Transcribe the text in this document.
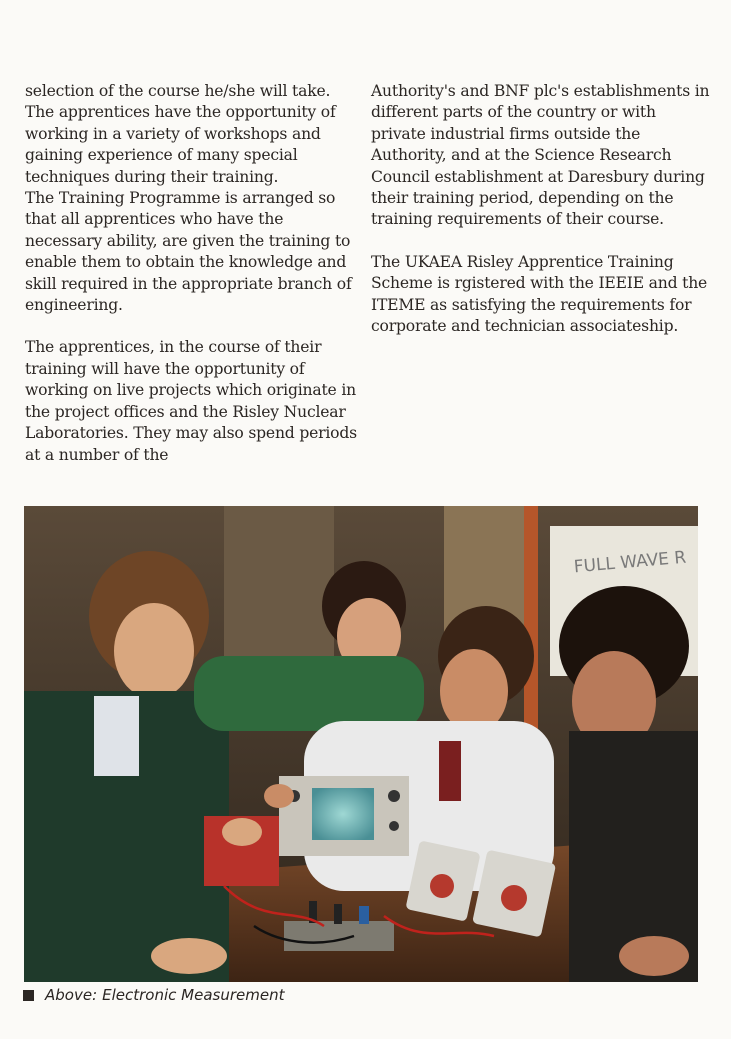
selection of the course he/she will take. The apprentices have the opportunity of working in a variety of workshops and gaining experience of many special techniques during their training.

The Training Programme is arranged so that all apprentices who have the necessary ability, are given the training to enable them to obtain the knowledge and skill required in the appropriate branch of engineering.

The apprentices, in the course of their training will have the opportunity of working on live projects which originate in the project offices and the Risley Nuclear Laboratories. They may also spend periods at a number of the

Authority's and BNF plc's establishments in different parts of the country or with private industrial firms outside the Authority, and at the Science Research Council establishment at Daresbury during their training period, depending on the training requirements of their course.

The UKAEA Risley Apprentice Training Scheme is rgistered with the IEEIE and the ITEME as satisfying the requirements for corporate and technician associateship.

FULL WAVE R
Above: Electronic Measurement
